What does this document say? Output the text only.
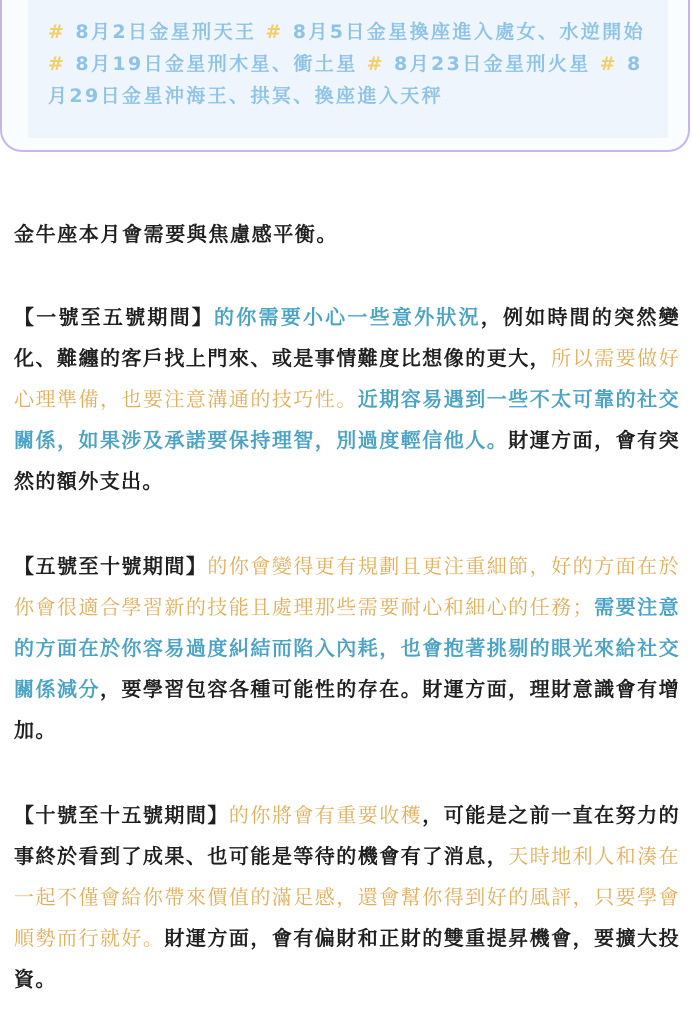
# 8月2日金星刑天王 # 8月5日金星換座進入處女、水逆開始 # 8月19日金星刑木星、衝土星 # 8月23日金星刑火星 # 8月29日金星沖海王、拱冥、換座進入天秤
金牛座本月會需要與焦慮感平衡。
【一號至五號期間】的你需要小心一些意外狀況，例如時間的突然變化、難纏的客戶找上門來、或是事情難度比想像的更大，所以需要做好心理準備，也要注意溝通的技巧性。近期容易遇到一些不太可靠的社交關係，如果涉及承諾要保持理智，別過度輕信他人。財運方面，會有突然的額外支出。
【五號至十號期間】的你會變得更有規劃且更注重細節，好的方面在於你會很適合學習新的技能且處理那些需要耐心和細心的任務；需要注意的方面在於你容易過度糾結而陷入內耗，也會抱著挑剔的眼光來給社交關係減分，要學習包容各種可能性的存在。財運方面，理財意識會有增加。
【十號至十五號期間】的你將會有重要收穫，可能是之前一直在努力的事終於看到了成果、也可能是等待的機會有了消息，天時地利人和湊在一起不僅會給你帶來價值的滿足感，還會幫你得到好的風評，只要學會順勢而行就好。財運方面，會有偏財和正財的雙重提昇機會，要擴大投資。
